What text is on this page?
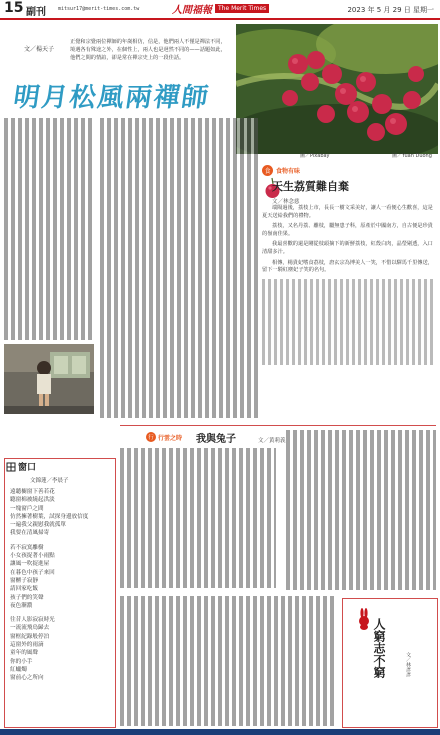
15 副刊 mitsur17@merit-times.com.tw	人間福報	The Merit Times	2023 年 5 月 29 日 星期一
文／楊天子
正覺和宗覺兩位禪師的年歲相仿，信是，他們兩人不僅是禪法不同，境遇各有殊途之外，在個性上，兩人也是迥然不同的——話題如此，他們之間的情誼，卻是常在禪宗史上的一段佳話。
明月松風兩禪師
圖／Pixabay	圖／Yuan Duong
食 食物有味
天生荔質難自棄
文／林念慈

端陽過後，荔枝上市，長長一樹文采美好，讓人一看便心生歡喜，這是夏天送給我們的禮物。

荔枝，又名丹荔、離枝，屬無患子科，原產於中國南方，自古便是珍貴的嶺南佳果。

我最喜歡的還是剛從枝頭摘下的新鮮荔枝，紅殼白肉，晶瑩剔透，入口清甜多汁。

相傳，楊貴妃嗜食荔枝，唐玄宗為博美人一笑，不惜以驛馬千里傳送，留下一騎紅塵妃子笑的名句。

窗口
文錦蓮／李晨子
遠聽櫥窗下善若花
聽窗棉被繞起洪淡
一塊窗戶之間
仿然擁著樹葉，試探身邊放信度
一遍我父親慰我就孤單
我要在清風掃寄
若不寂寞離樹
小女孩捉著小雨點
讓風一吹捉進屋
在暮色中孩子來回
窗櫃子寂靜
請回家吃飯
孩子們的笑聲
夜色漸濃
往昔人影寂寂時光
一流流飛鳥歸去
窗框紀錄般停泊
這窗外的雨滴
童年的風聲
你的小手
紅蠟燭
窗前心之所向
行 行雲之時 我與兔子	文／黃莉義
人窮志不窮	文／林彥彥
